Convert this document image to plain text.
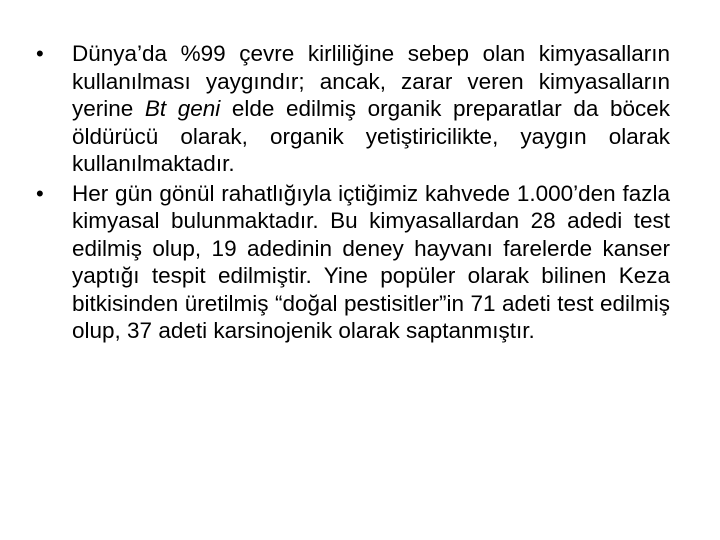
•	Dünya’da %99 çevre kirliliğine sebep olan kimyasalların kullanılması yaygındır; ancak, zarar veren kimyasalların yerine Bt geni elde edilmiş organik preparatlar da böcek öldürücü olarak, organik yetiştiricilikte, yaygın olarak kullanılmaktadır.
•	Her gün gönül rahatlığıyla içtiğimiz kahvede 1.000’den fazla kimyasal bulunmaktadır. Bu kimyasallardan 28 adedi test edilmiş olup, 19 adedinin deney hayvanı farelerde kanser yaptığı tespit edilmiştir. Yine popüler olarak bilinen Keza bitkisinden üretilmiş “doğal pestisitler”in 71 adeti test edilmiş olup, 37 adeti karsinojenik olarak saptanmıştır.
